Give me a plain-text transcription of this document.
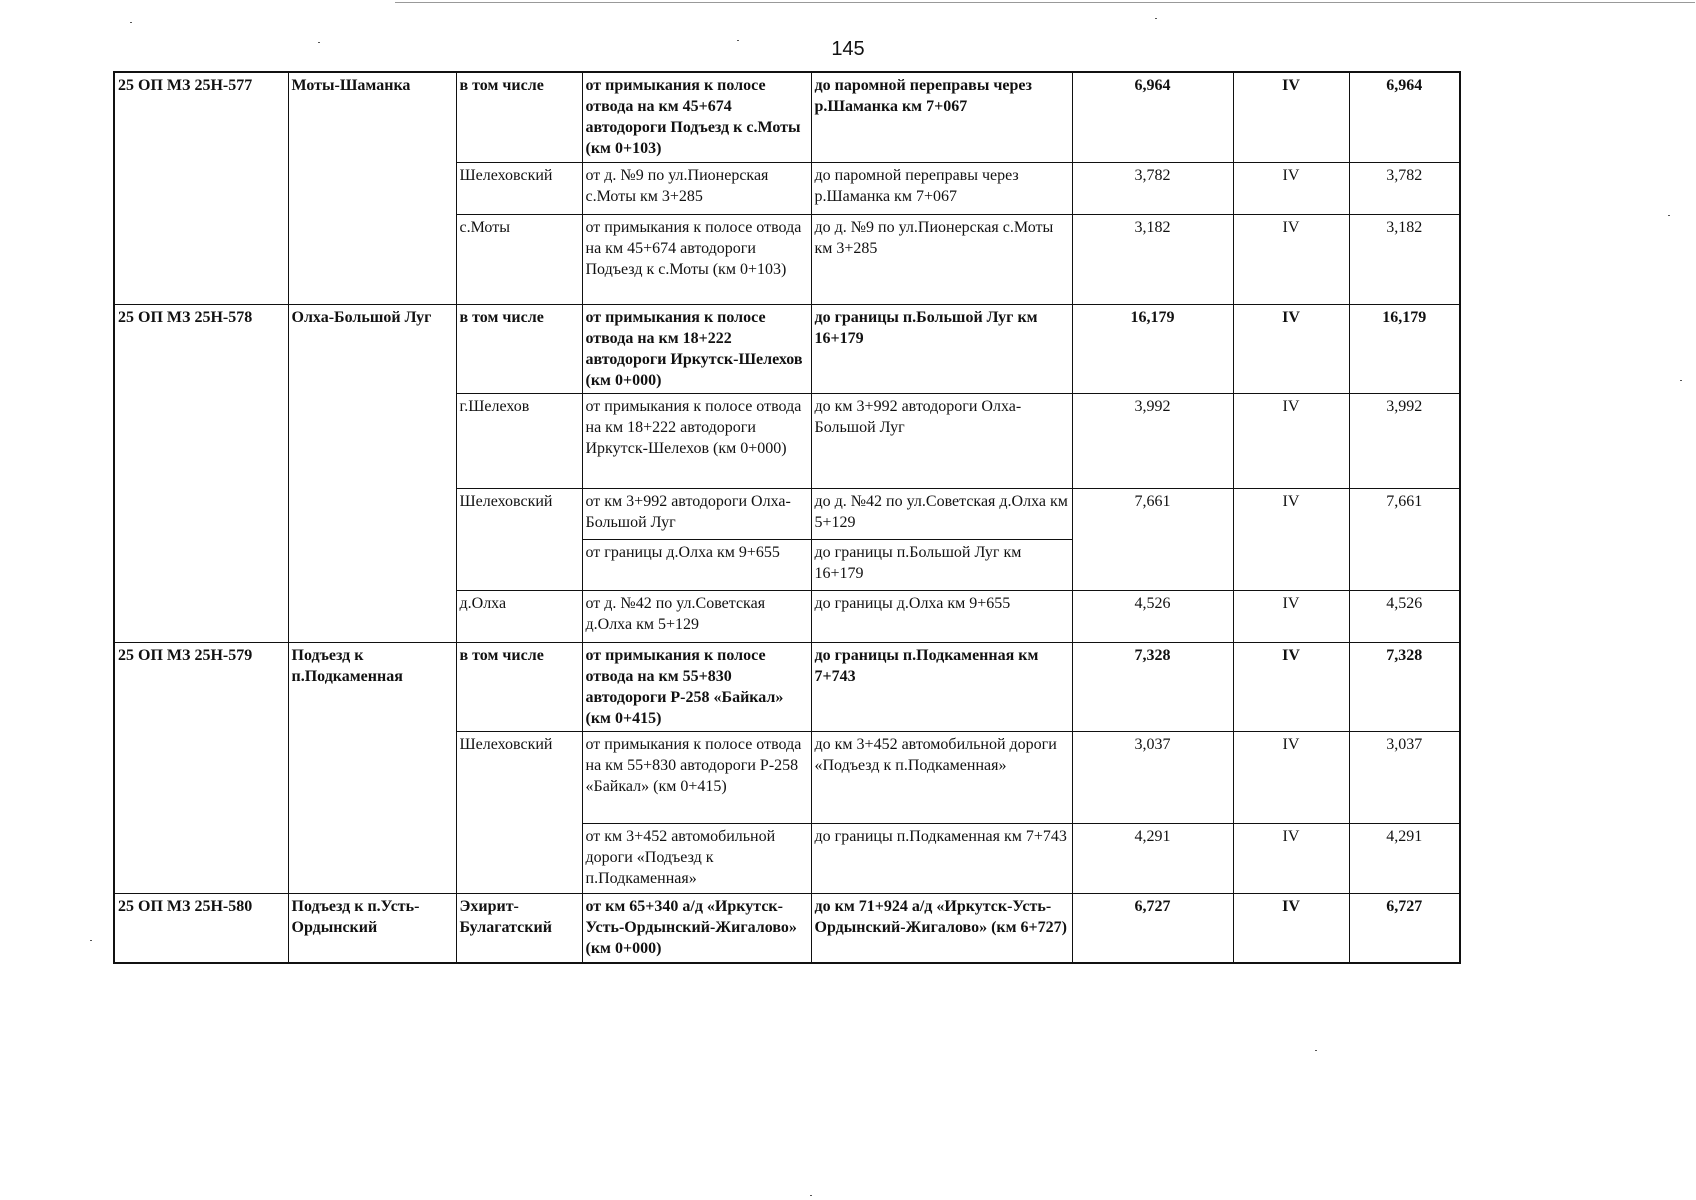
145
25 ОП МЗ 25Н-577	Моты-Шаманка	в том числе	от примыкания к полосе отвода на км 45+674 автодороги Подъезд к с.Моты (км 0+103)	до паромной переправы через р.Шаманка км 7+067	6,964	IV	6,964
		Шелеховский	от д. №9 по ул.Пионерская с.Моты км 3+285	до паромной переправы через р.Шаманка км 7+067	3,782	IV	3,782
		с.Моты	от примыкания к полосе отвода на км 45+674 автодороги Подъезд к с.Моты (км 0+103)	до д. №9 по ул.Пионерская с.Моты км 3+285	3,182	IV	3,182
25 ОП МЗ 25Н-578	Олха-Большой Луг	в том числе	от примыкания к полосе отвода на км 18+222 автодороги Иркутск-Шелехов (км 0+000)	до границы п.Большой Луг км 16+179	16,179	IV	16,179
		г.Шелехов	от примыкания к полосе отвода на км 18+222 автодороги Иркутск-Шелехов (км 0+000)	до км 3+992 автодороги Олха-Большой Луг	3,992	IV	3,992
		Шелеховский	от км 3+992 автодороги Олха-Большой Луг	до д. №42 по ул.Советская д.Олха км 5+129	7,661	IV	7,661
			от границы д.Олха км 9+655	до границы п.Большой Луг км 16+179			
		д.Олха	от д. №42 по ул.Советская д.Олха км 5+129	до границы д.Олха км 9+655	4,526	IV	4,526
25 ОП МЗ 25Н-579	Подъезд к п.Подкаменная	в том числе	от примыкания к полосе отвода на км 55+830 автодороги Р-258 «Байкал» (км 0+415)	до границы п.Подкаменная км 7+743	7,328	IV	7,328
		Шелеховский	от примыкания к полосе отвода на км 55+830 автодороги Р-258 «Байкал» (км 0+415)	до км 3+452 автомобильной дороги «Подъезд к п.Подкаменная»	3,037	IV	3,037
			от км 3+452 автомобильной дороги «Подъезд к п.Подкаменная»	до границы п.Подкаменная км 7+743	4,291	IV	4,291
25 ОП МЗ 25Н-580	Подъезд к п.Усть-Ордынский	Эхирит-Булагатский	от км 65+340 а/д «Иркутск-Усть-Ордынский-Жигалово» (км 0+000)	до км 71+924 а/д «Иркутск-Усть-Ордынский-Жигалово» (км 6+727)	6,727	IV	6,727
